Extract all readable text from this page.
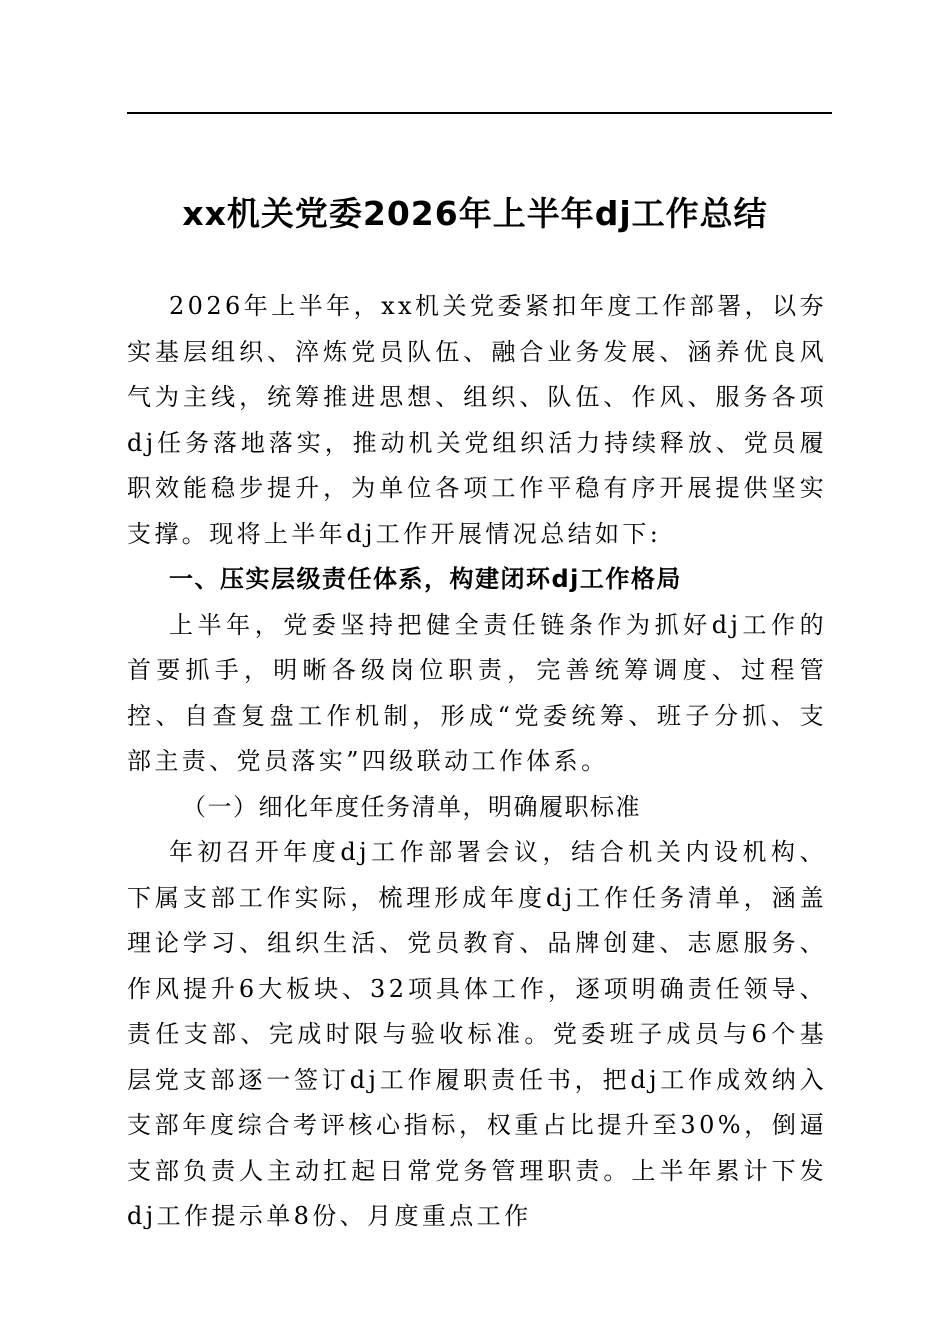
xx机关党委2026年上半年dj工作总结

2026年上半年，xx机关党委紧扣年度工作部署，以夯实基层组织、淬炼党员队伍、融合业务发展、涵养优良风气为主线，统筹推进思想、组织、队伍、作风、服务各项dj任务落地落实，推动机关党组织活力持续释放、党员履职效能稳步提升，为单位各项工作平稳有序开展提供坚实支撑。现将上半年dj工作开展情况总结如下:

一、压实层级责任体系，构建闭环dj工作格局

上半年，党委坚持把健全责任链条作为抓好dj工作的首要抓手，明晰各级岗位职责，完善统筹调度、过程管控、自查复盘工作机制，形成“党委统筹、班子分抓、支部主责、党员落实”四级联动工作体系。

（一）细化年度任务清单，明确履职标准

年初召开年度dj工作部署会议，结合机关内设机构、下属支部工作实际，梳理形成年度dj工作任务清单，涵盖理论学习、组织生活、党员教育、品牌创建、志愿服务、作风提升6大板块、32项具体工作，逐项明确责任领导、责任支部、完成时限与验收标准。党委班子成员与6个基层党支部逐一签订dj工作履职责任书，把dj工作成效纳入支部年度综合考评核心指标，权重占比提升至30%，倒逼支部负责人主动扛起日常党务管理职责。上半年累计下发dj工作提示单8份、月度重点工作
